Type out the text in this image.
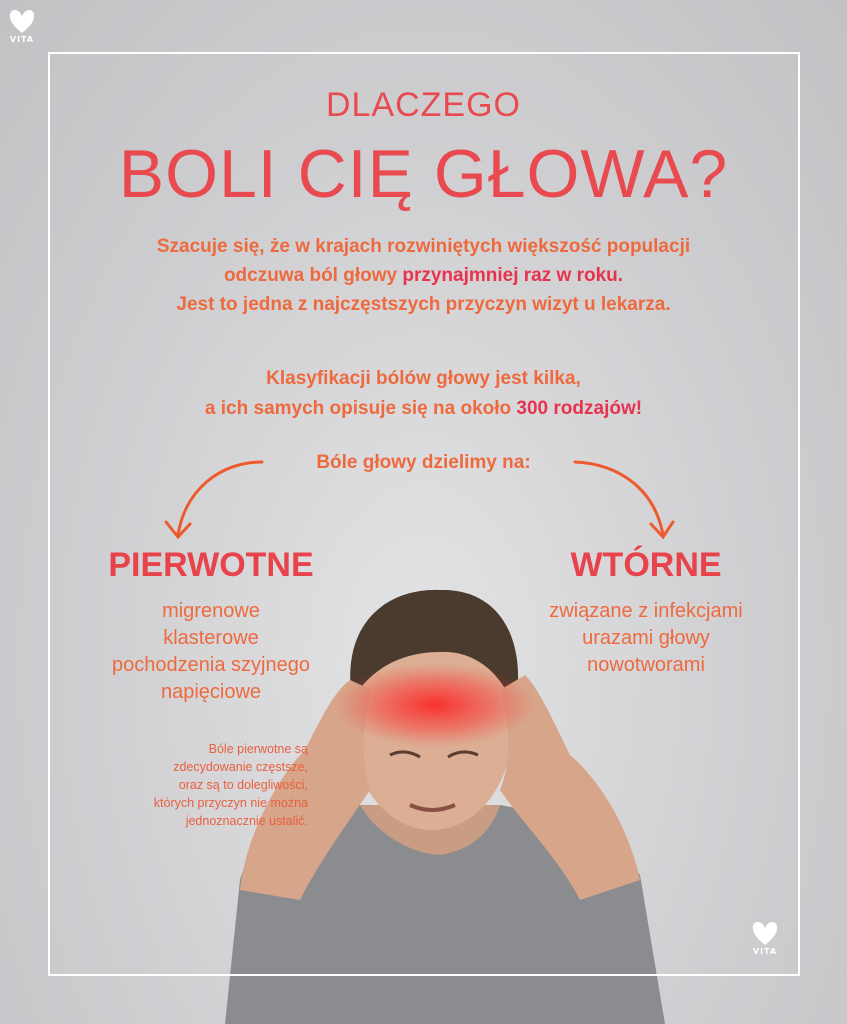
VITA
VITA
DLACZEGO
BOLI CIĘ GŁOWA?
Szacuje się, że w krajach rozwiniętych większość populacji
odczuwa ból głowy przynajmniej raz w roku.
Jest to jedna z najczęstszych przyczyn wizyt u lekarza.
Klasyfikacji bólów głowy jest kilka,
a ich samych opisuje się na około 300 rodzajów!
Bóle głowy dzielimy na:
PIERWOTNE
migrenowe
klasterowe
pochodzenia szyjnego
napięciowe
Bóle pierwotne są
zdecydowanie częstsze,
oraz są to dolegliwości,
których przyczyn nie można
jednoznacznie ustalić.
WTÓRNE
związane z infekcjami
urazami głowy
nowotworami
